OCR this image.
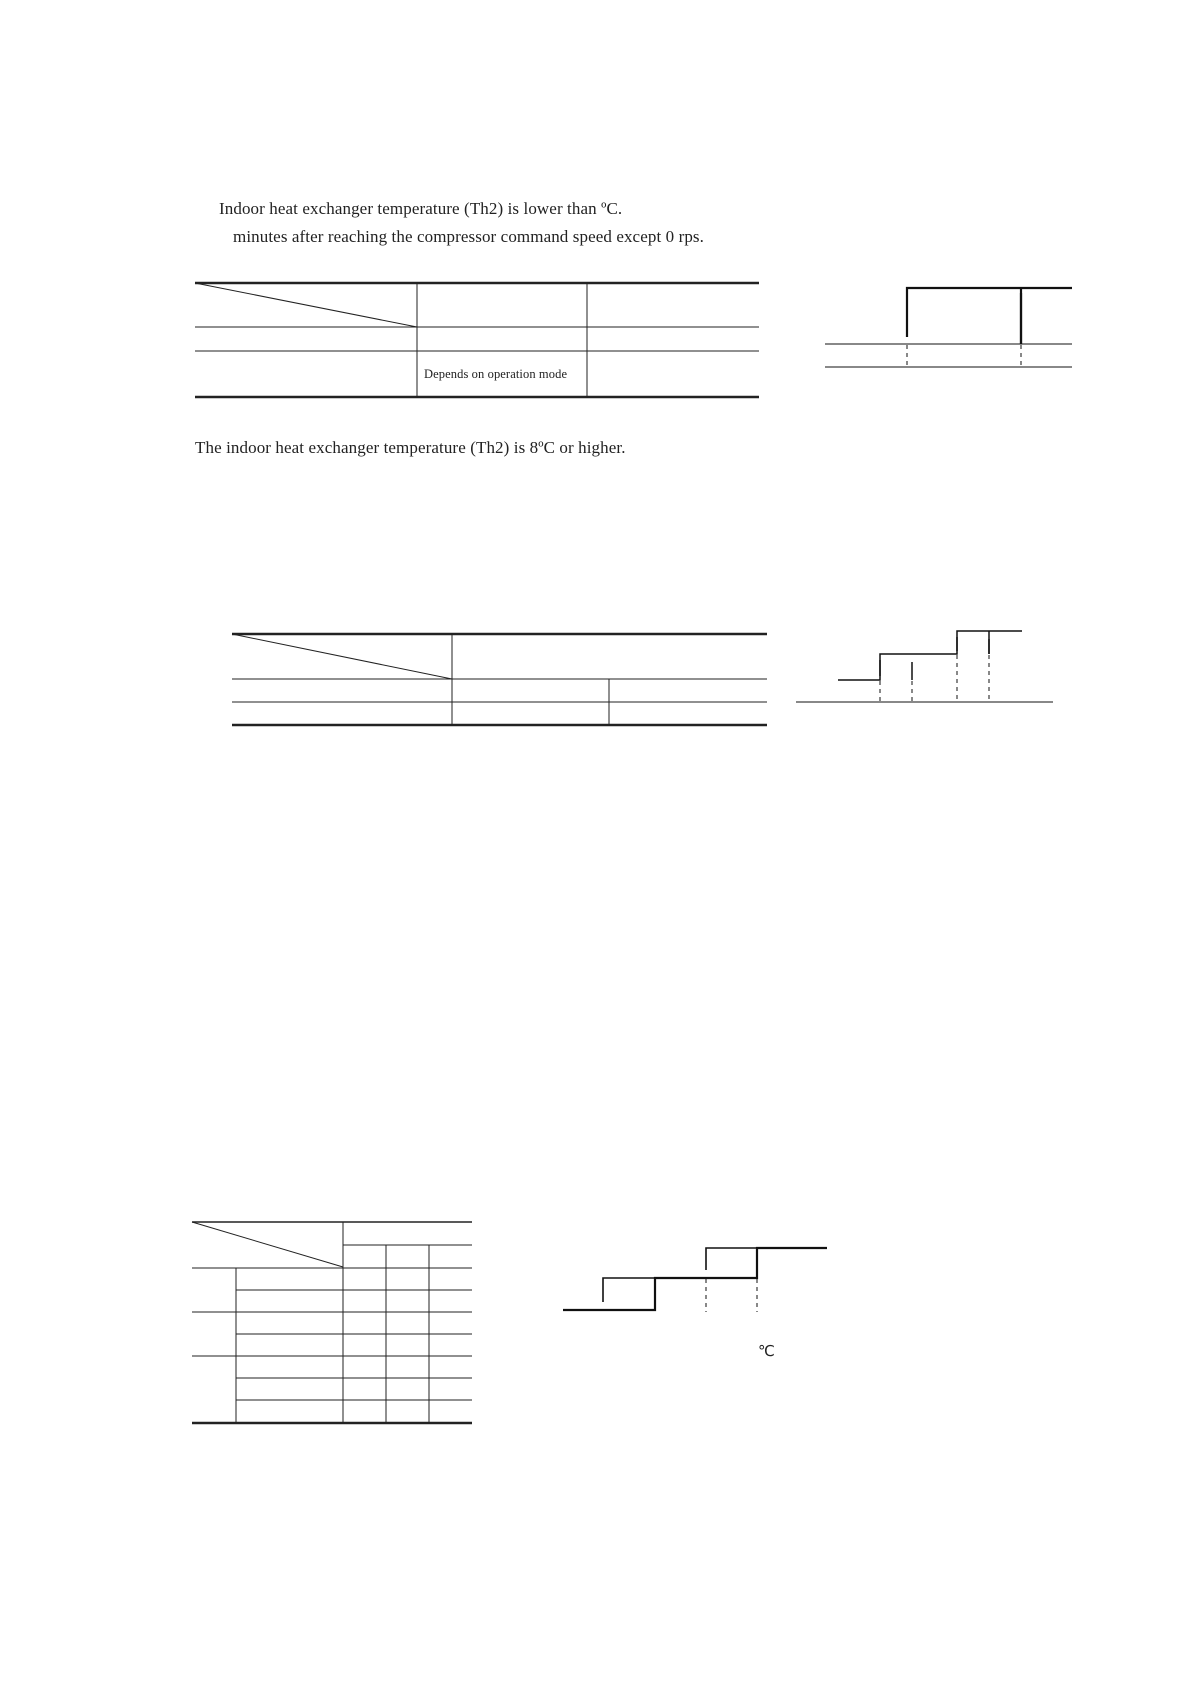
Indoor heat exchanger temperature (Th2) is lower than ºC.
minutes after reaching the compressor command speed except 0 rps.
The indoor heat exchanger temperature (Th2) is 8ºC or higher.
Depends on operation mode
℃
